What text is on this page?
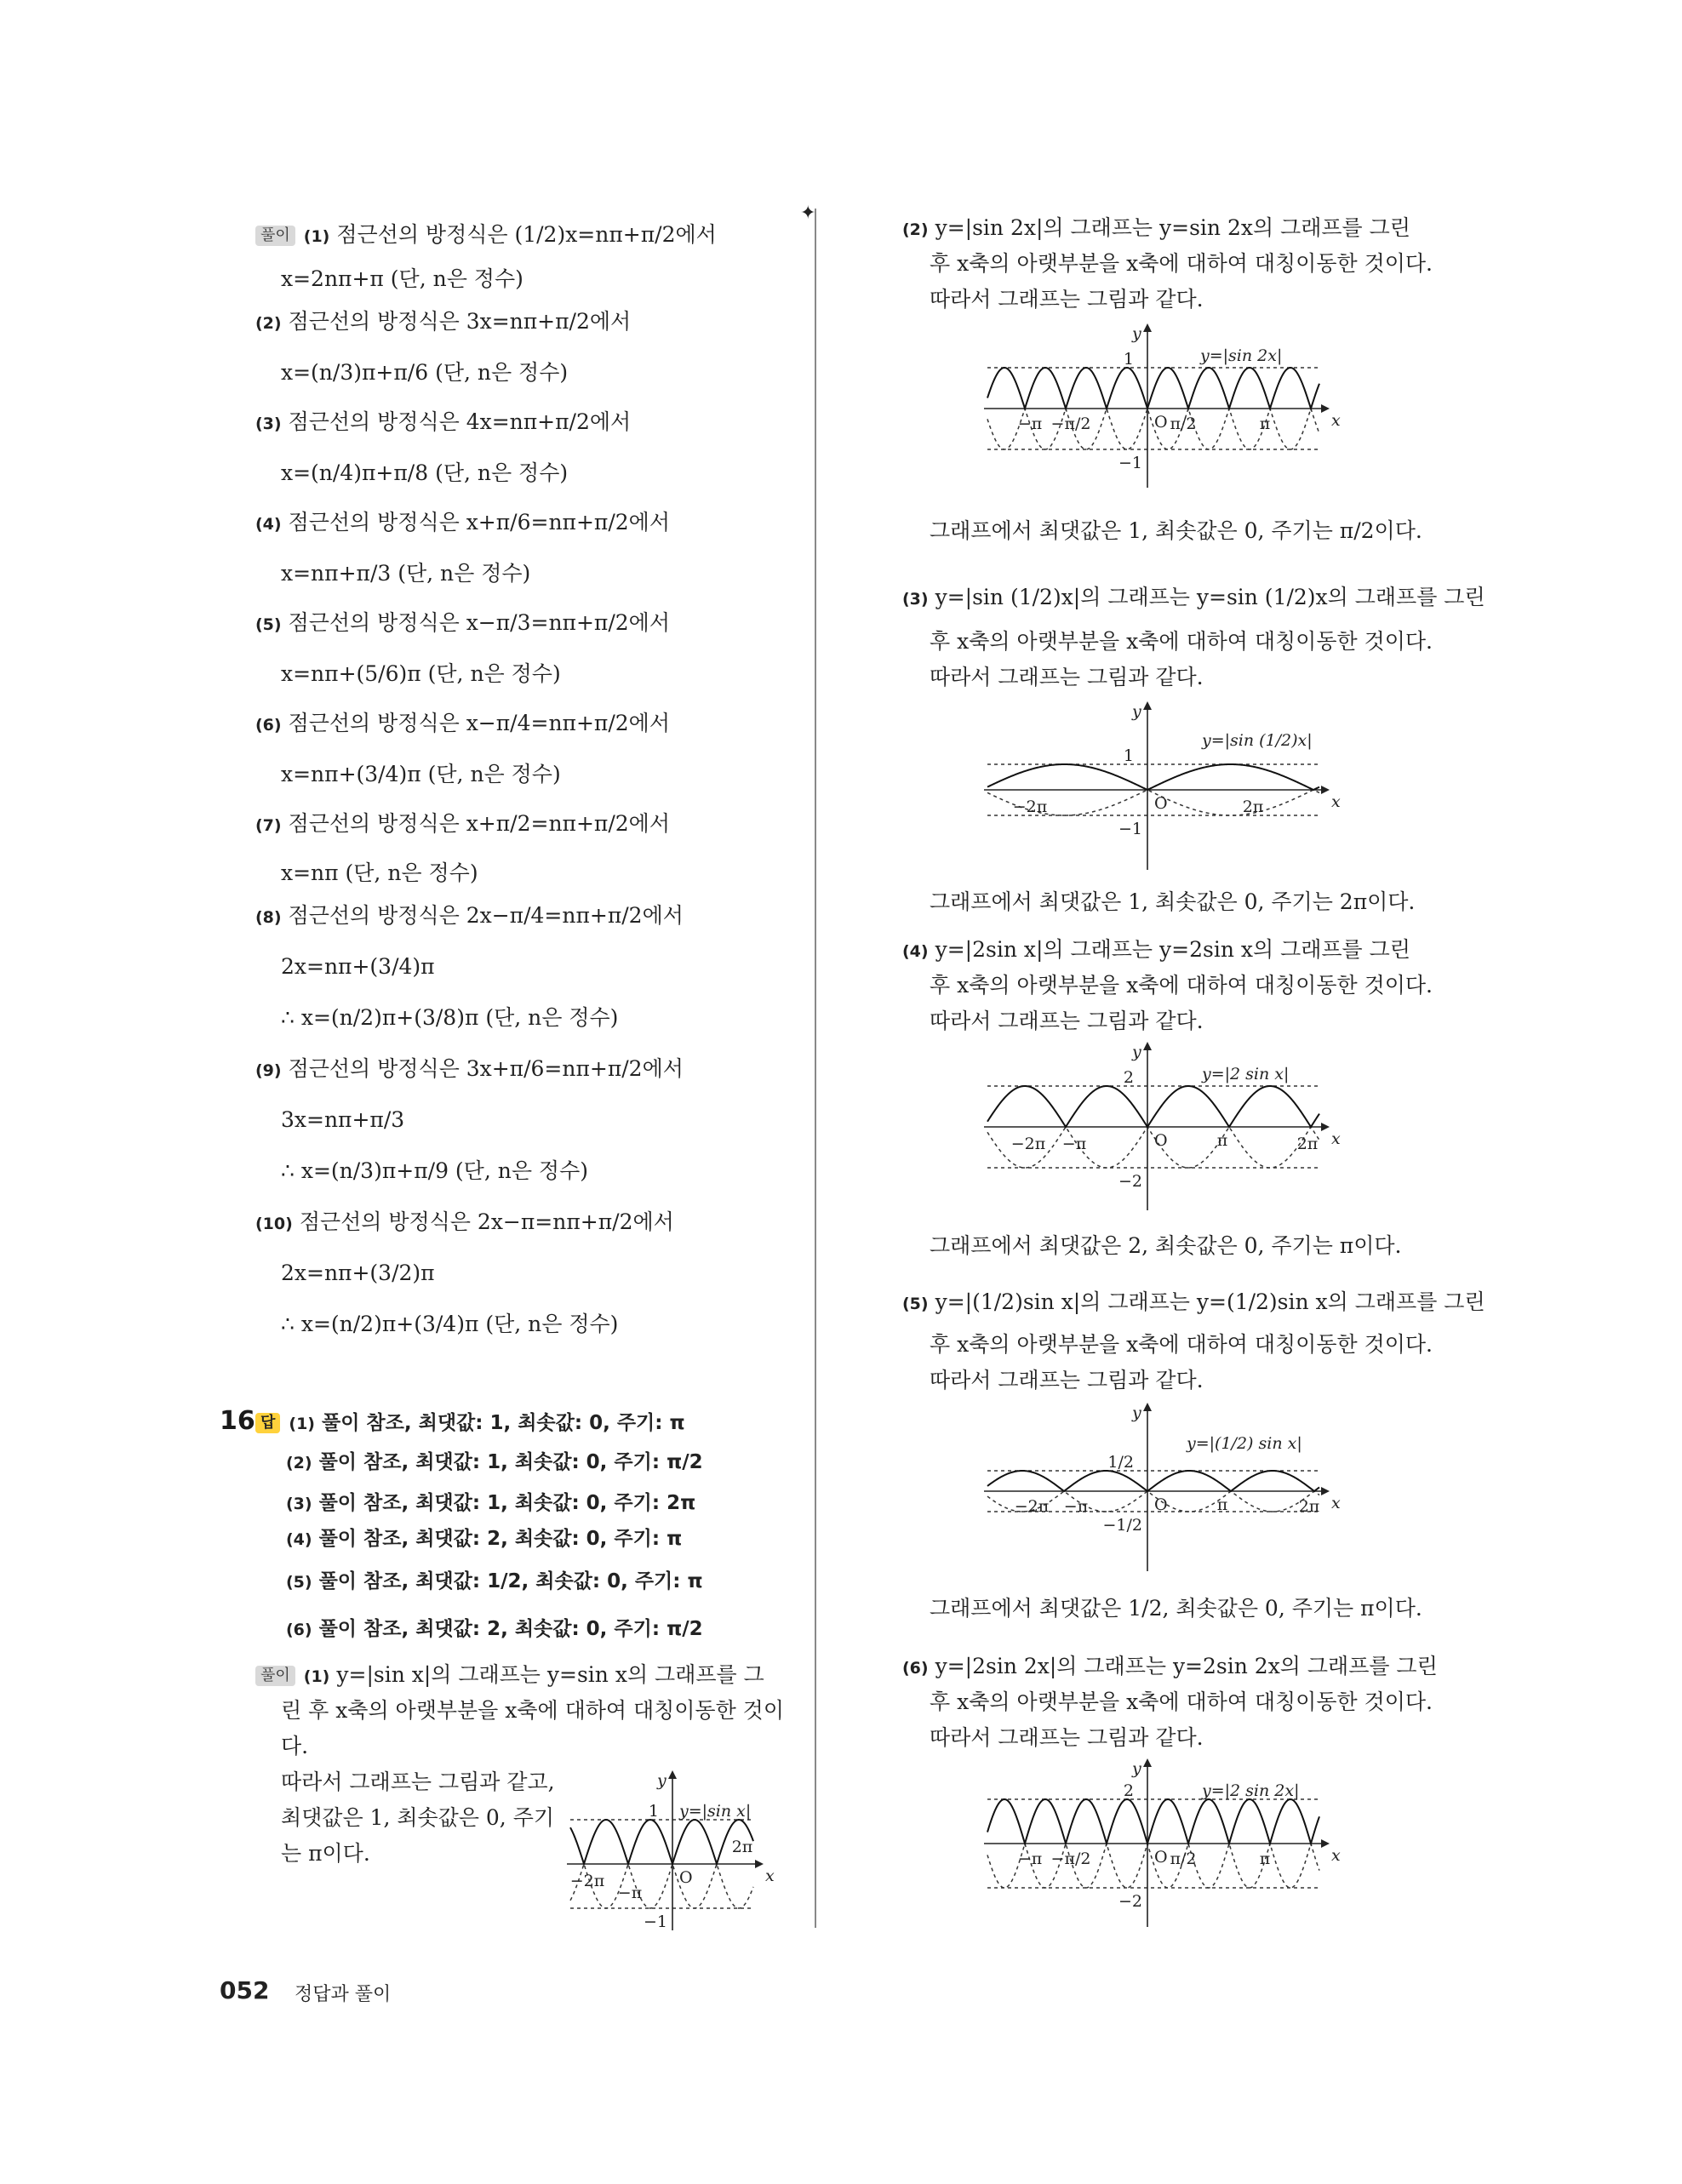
✦
풀이 (1) 점근선의 방정식은 (1/2)x=nπ+π/2에서
x=2nπ+π (단, n은 정수)
(2) 점근선의 방정식은 3x=nπ+π/2에서
x=(n/3)π+π/6 (단, n은 정수)
(3) 점근선의 방정식은 4x=nπ+π/2에서
x=(n/4)π+π/8 (단, n은 정수)
(4) 점근선의 방정식은 x+π/6=nπ+π/2에서
x=nπ+π/3 (단, n은 정수)
(5) 점근선의 방정식은 x−π/3=nπ+π/2에서
x=nπ+(5/6)π (단, n은 정수)
(6) 점근선의 방정식은 x−π/4=nπ+π/2에서
x=nπ+(3/4)π (단, n은 정수)
(7) 점근선의 방정식은 x+π/2=nπ+π/2에서
x=nπ (단, n은 정수)
(8) 점근선의 방정식은 2x−π/4=nπ+π/2에서
2x=nπ+(3/4)π
∴ x=(n/2)π+(3/8)π (단, n은 정수)
(9) 점근선의 방정식은 3x+π/6=nπ+π/2에서
3x=nπ+π/3
∴ x=(n/3)π+π/9 (단, n은 정수)
(10) 점근선의 방정식은 2x−π=nπ+π/2에서
2x=nπ+(3/2)π
∴ x=(n/2)π+(3/4)π (단, n은 정수)
16 답 (1) 풀이 참조, 최댓값: 1, 최솟값: 0, 주기: π
(2) 풀이 참조, 최댓값: 1, 최솟값: 0, 주기: π/2
(3) 풀이 참조, 최댓값: 1, 최솟값: 0, 주기: 2π
(4) 풀이 참조, 최댓값: 2, 최솟값: 0, 주기: π
(5) 풀이 참조, 최댓값: 1/2, 최솟값: 0, 주기: π
(6) 풀이 참조, 최댓값: 2, 최솟값: 0, 주기: π/2
풀이 (1) y=|sin x|의 그래프는 y=sin x의 그래프를 그
린 후 x축의 아랫부분을 x축에 대하여 대칭이동한 것이
다.
따라서 그래프는 그림과 같고,
최댓값은 1, 최솟값은 0, 주기
는 π이다.
O	x
y
1
−1
y=|sin x|
−2π
−π
2π
(2) y=|sin 2x|의 그래프는 y=sin 2x의 그래프를 그린
후 x축의 아랫부분을 x축에 대하여 대칭이동한 것이다.
따라서 그래프는 그림과 같다.
O	x
y
1
−1
y=|sin 2x|
−π −π/2	π/2	π
그래프에서 최댓값은 1, 최솟값은 0, 주기는 π/2이다.
(3) y=|sin (1/2)x|의 그래프는 y=sin (1/2)x의 그래프를 그린
후 x축의 아랫부분을 x축에 대하여 대칭이동한 것이다.
따라서 그래프는 그림과 같다.
O	x
y
1
−1
y=|sin (1/2)x|
−2π	2π
그래프에서 최댓값은 1, 최솟값은 0, 주기는 2π이다.
(4) y=|2sin x|의 그래프는 y=2sin x의 그래프를 그린
후 x축의 아랫부분을 x축에 대하여 대칭이동한 것이다.
따라서 그래프는 그림과 같다.
O	x
y
2
−2
y=|2 sin x|
−2π −π	π	2π
그래프에서 최댓값은 2, 최솟값은 0, 주기는 π이다.
(5) y=|(1/2)sin x|의 그래프는 y=(1/2)sin x의 그래프를 그린
후 x축의 아랫부분을 x축에 대하여 대칭이동한 것이다.
따라서 그래프는 그림과 같다.
O	x
y
1/2
−1/2
y=|(1/2) sin x|
−2π −π	π	2π
그래프에서 최댓값은 1/2, 최솟값은 0, 주기는 π이다.
(6) y=|2sin 2x|의 그래프는 y=2sin 2x의 그래프를 그린
후 x축의 아랫부분을 x축에 대하여 대칭이동한 것이다.
따라서 그래프는 그림과 같다.
O	x
y
2
−2
y=|2 sin 2x|
−π −π/2	π/2	π
052 정답과 풀이
